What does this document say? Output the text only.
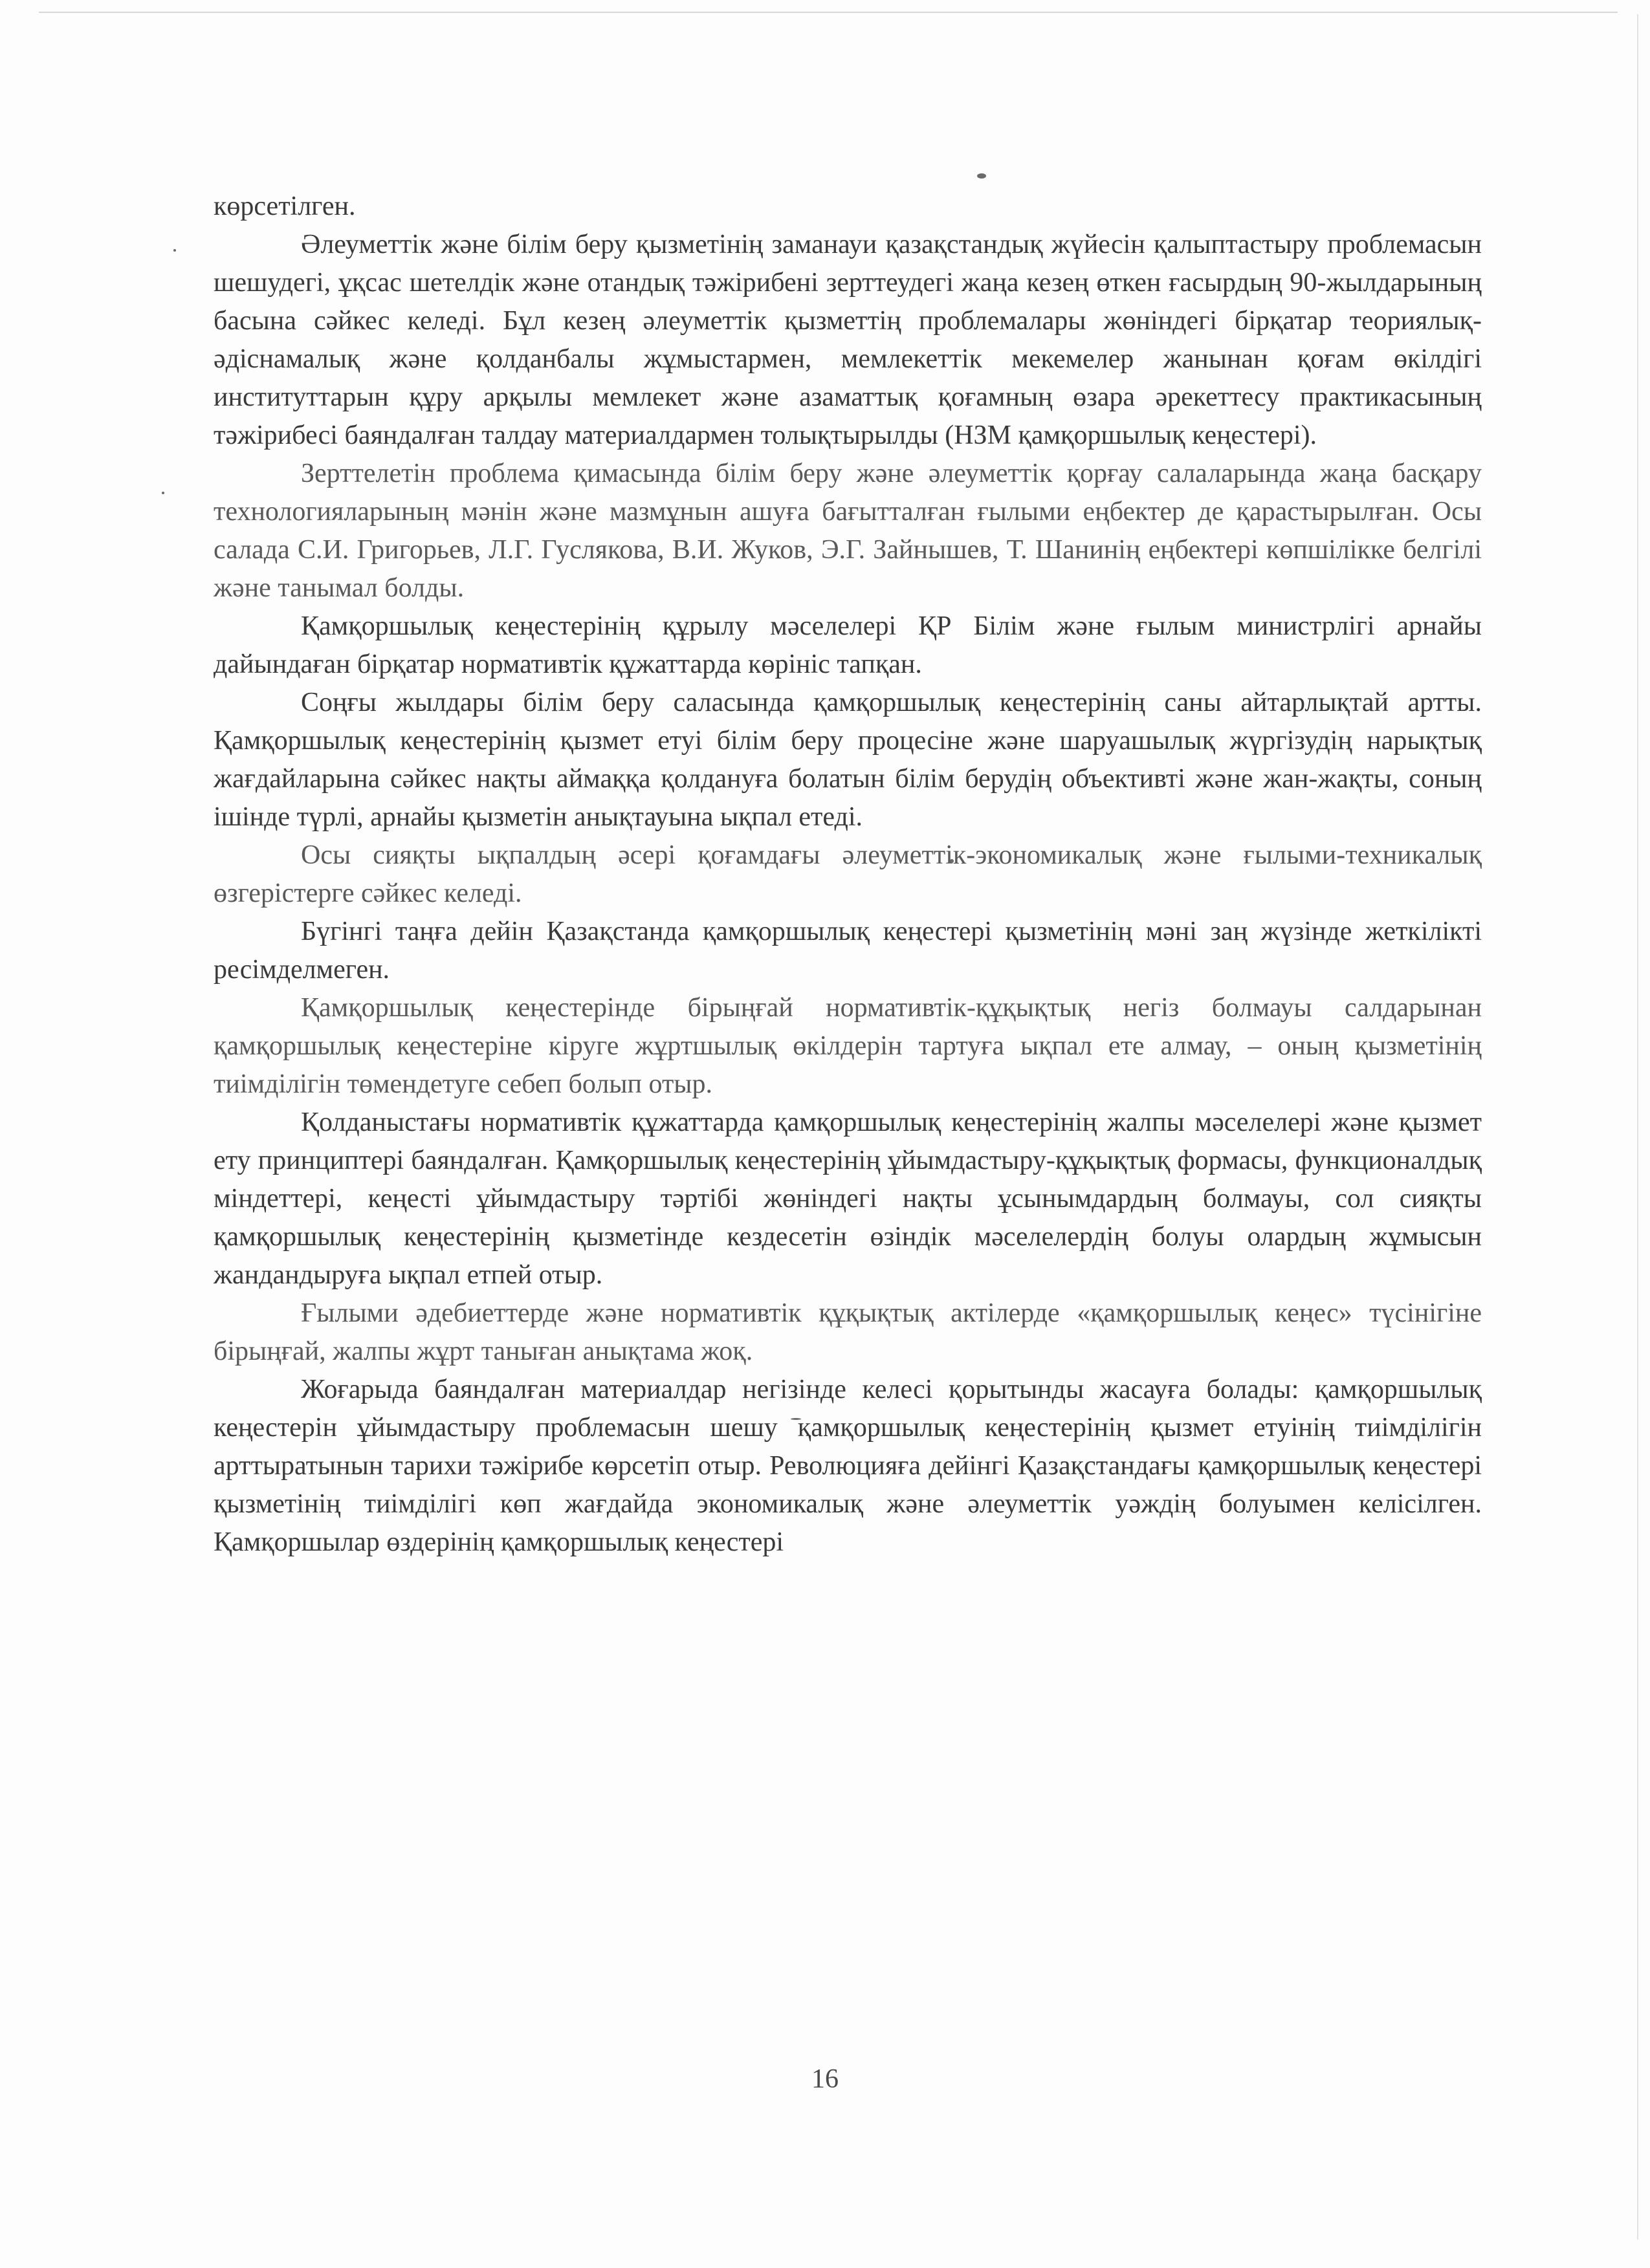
көрсетілген.

Әлеуметтік және білім беру қызметінің заманауи қазақстандық жүйесін қалыптастыру проблемасын шешудегі, ұқсас шетелдік және отандық тәжірибені зерттеудегі жаңа кезең өткен ғасырдың 90-жылдарының басына сәйкес келеді. Бұл кезең әлеуметтік қызметтің проблемалары жөніндегі бірқатар теориялық-әдіснамалық және қолданбалы жұмыстармен, мемлекеттік мекемелер жанынан қоғам өкілдігі институттарын құру арқылы мемлекет және азаматтық қоғамның өзара әрекеттесу практикасының тәжірибесі баяндалған талдау материалдармен толықтырылды (НЗМ қамқоршылық кеңестері).

Зерттелетін проблема қимасында білім беру және әлеуметтік қорғау салаларында жаңа басқару технологияларының мәнін және мазмұнын ашуға бағытталған ғылыми еңбектер де қарастырылған. Осы салада С.И. Григорьев, Л.Г. Гуслякова, В.И. Жуков, Э.Г. Зайнышев, Т. Шанинің еңбектері көпшілікке белгілі және танымал болды.

Қамқоршылық кеңестерінің құрылу мәселелері ҚР Білім және ғылым министрлігі арнайы дайындаған бірқатар нормативтік құжаттарда көрініс тапқан.

Соңғы жылдары білім беру саласында қамқоршылық кеңестерінің саны айтарлықтай артты. Қамқоршылық кеңестерінің қызмет етуі білім беру процесіне және шаруашылық жүргізудің нарықтық жағдайларына сәйкес нақты аймаққа қолдануға болатын білім берудің объективті және жан-жақты, соның ішінде түрлі, арнайы қызметін анықтауына ықпал етеді.

Осы сияқты ықпалдың әсері қоғамдағы әлеуметтік-экономикалық және ғылыми-техникалық өзгерістерге сәйкес келеді.

Бүгінгі таңға дейін Қазақстанда қамқоршылық кеңестері қызметінің мәні заң жүзінде жеткілікті ресімделмеген.

Қамқоршылық кеңестерінде бірыңғай нормативтік-құқықтық негіз болмауы салдарынан қамқоршылық кеңестеріне кіруге жұртшылық өкілдерін тартуға ықпал ете алмау, – оның қызметінің тиімділігін төмендетуге себеп болып отыр.

Қолданыстағы нормативтік құжаттарда қамқоршылық кеңестерінің жалпы мәселелері және қызмет ету принциптері баяндалған. Қамқоршылық кеңестерінің ұйымдастыру-құқықтық формасы, функционалдық міндеттері, кеңесті ұйымдастыру тәртібі жөніндегі нақты ұсынымдардың болмауы, сол сияқты қамқоршылық кеңестерінің қызметінде кездесетін өзіндік мәселелердің болуы олардың жұмысын жандандыруға ықпал етпей отыр.

Ғылыми әдебиеттерде және нормативтік құқықтық актілерде «қамқоршылық кеңес» түсінігіне бірыңғай, жалпы жұрт таныған анықтама жоқ.

Жоғарыда баяндалған материалдар негізінде келесі қорытынды жасауға болады: қамқоршылық кеңестерін ұйымдастыру проблемасын шешу қамқоршылық кеңестерінің қызмет етуінің тиімділігін арттыратынын тарихи тәжірибе көрсетіп отыр. Революцияға дейінгі Қазақстандағы қамқоршылық кеңестері қызметінің тиімділігі көп жағдайда экономикалық және әлеуметтік уәждің болуымен келісілген. Қамқоршылар өздерінің қамқоршылық кеңестері

16
